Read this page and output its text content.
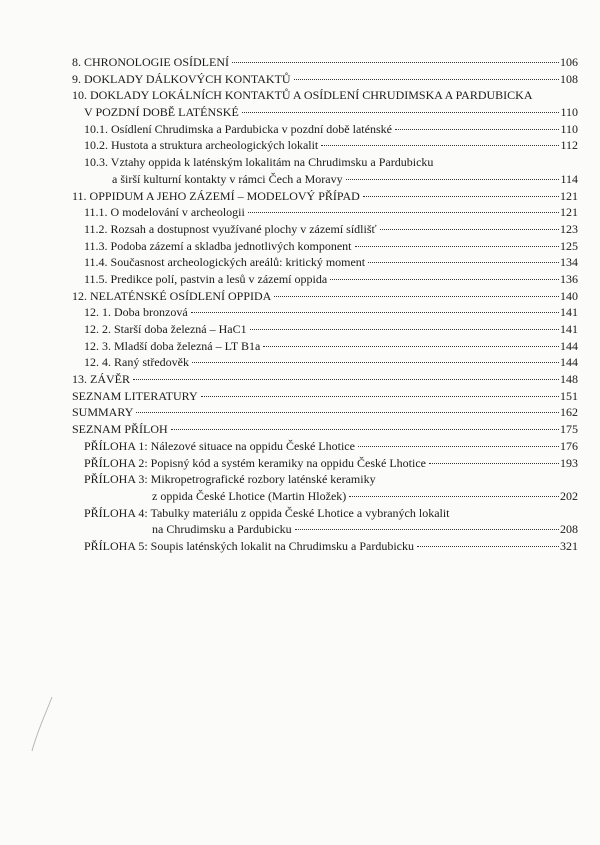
8. CHRONOLOGIE OSÍDLENÍ	106
9. DOKLADY DÁLKOVÝCH KONTAKTŮ	108
10. DOKLADY LOKÁLNÍCH KONTAKTŮ A OSÍDLENÍ CHRUDIMSKA A PARDUBICKA
V POZDNÍ DOBĚ LATÉNSKÉ	110
10.1. Osídlení Chrudimska a Pardubicka v pozdní době laténské	110
10.2. Hustota a struktura archeologických lokalit	112
10.3. Vztahy oppida k laténským lokalitám na Chrudimsku a Pardubicku
a širší kulturní kontakty v rámci Čech a Moravy	114
11. OPPIDUM A JEHO ZÁZEMÍ – MODELOVÝ PŘÍPAD	121
11.1. O modelování v archeologii	121
11.2. Rozsah a dostupnost využívané plochy v zázemí sídlišť	123
11.3. Podoba zázemí a skladba jednotlivých komponent	125
11.4. Současnost archeologických areálů: kritický moment	134
11.5. Predikce polí, pastvin a lesů v zázemí oppida	136
12. NELATÉNSKÉ OSÍDLENÍ OPPIDA	140
12. 1. Doba bronzová	141
12. 2. Starší doba železná – HaC1	141
12. 3. Mladší doba železná – LT B1a	144
12. 4. Raný středověk	144
13. ZÁVĚR	148
SEZNAM LITERATURY	151
SUMMARY	162
SEZNAM PŘÍLOH	175
PŘÍLOHA 1: Nálezové situace na oppidu České Lhotice	176
PŘÍLOHA 2: Popisný kód a systém keramiky na oppidu České Lhotice	193
PŘÍLOHA 3: Mikropetrografické rozbory laténské keramiky
z oppida České Lhotice (Martin Hložek)	202
PŘÍLOHA 4: Tabulky materiálu z oppida České Lhotice a vybraných lokalit
na Chrudimsku a Pardubicku	208
PŘÍLOHA 5: Soupis laténských lokalit na Chrudimsku a Pardubicku	321
